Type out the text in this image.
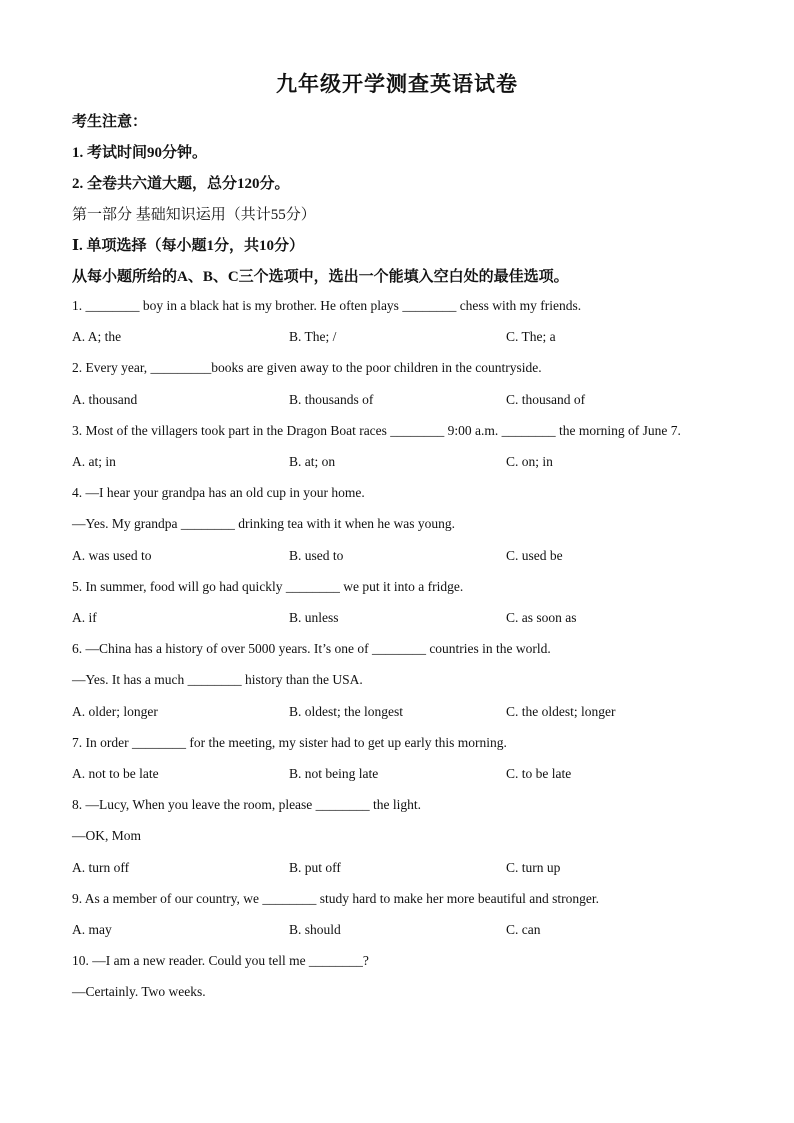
九年级开学测查英语试卷
考生注意：
1. 考试时间90分钟。
2. 全卷共六道大题，总分120分。
第一部分 基础知识运用（共计55分）
Ⅰ. 单项选择（每小题1分，共10分）
从每小题所给的A、B、C三个选项中，选出一个能填入空白处的最佳选项。
1. ________ boy in a black hat is my brother. He often plays ________ chess with my friends.
A. A; the	B. The; /	C. The; a
2. Every year, _________books are given away to the poor children in the countryside.
A. thousand	B. thousands of	C. thousand of
3. Most of the villagers took part in the Dragon Boat races ________ 9:00 a.m. ________ the morning of June 7.
A. at; in	B. at; on	C. on; in
4. —I hear your grandpa has an old cup in your home.
—Yes. My grandpa ________ drinking tea with it when he was young.
A. was used to	B. used to	C. used be
5. In summer, food will go had quickly ________ we put it into a fridge.
A. if	B. unless	C. as soon as
6. —China has a history of over 5000 years. It’s one of ________ countries in the world.
—Yes. It has a much ________ history than the USA.
A. older; longer	B. oldest; the longest	C. the oldest; longer
7. In order ________ for the meeting, my sister had to get up early this morning.
A. not to be late	B. not being late	C. to be late
8. —Lucy, When you leave the room, please ________ the light.
—OK, Mom
A. turn off	B. put off	C. turn up
9. As a member of our country, we ________ study hard to make her more beautiful and stronger.
A. may	B. should	C. can
10. —I am a new reader. Could you tell me ________?
—Certainly. Two weeks.
